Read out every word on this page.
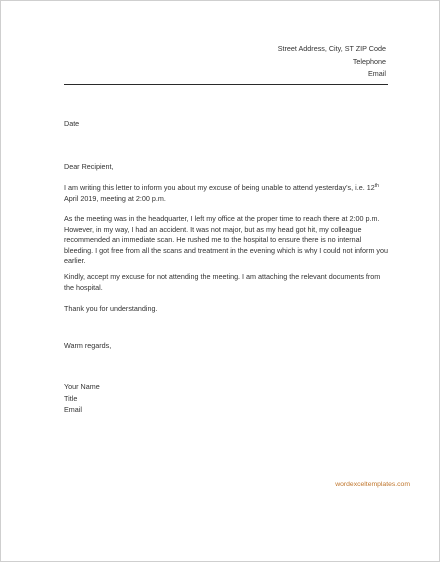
Street Address, City, ST ZIP Code
Telephone
Email
Date
Dear Recipient,

I am writing this letter to inform you about my excuse of being unable to attend yesterday’s, i.e. 12th April 2019, meeting at 2:00 p.m.

As the meeting was in the headquarter, I left my office at the proper time to reach there at 2:00 p.m. However, in my way, I had an accident. It was not major, but as my head got hit, my colleague recommended an immediate scan. He rushed me to the hospital to ensure there is no internal bleeding. I got free from all the scans and treatment in the evening which is why I could not inform you earlier.
Kindly, accept my excuse for not attending the meeting. I am attaching the relevant documents from the hospital.
Thank you for understanding.
Warm regards,
Your Name
Title
Email
wordexceltemplates.com
